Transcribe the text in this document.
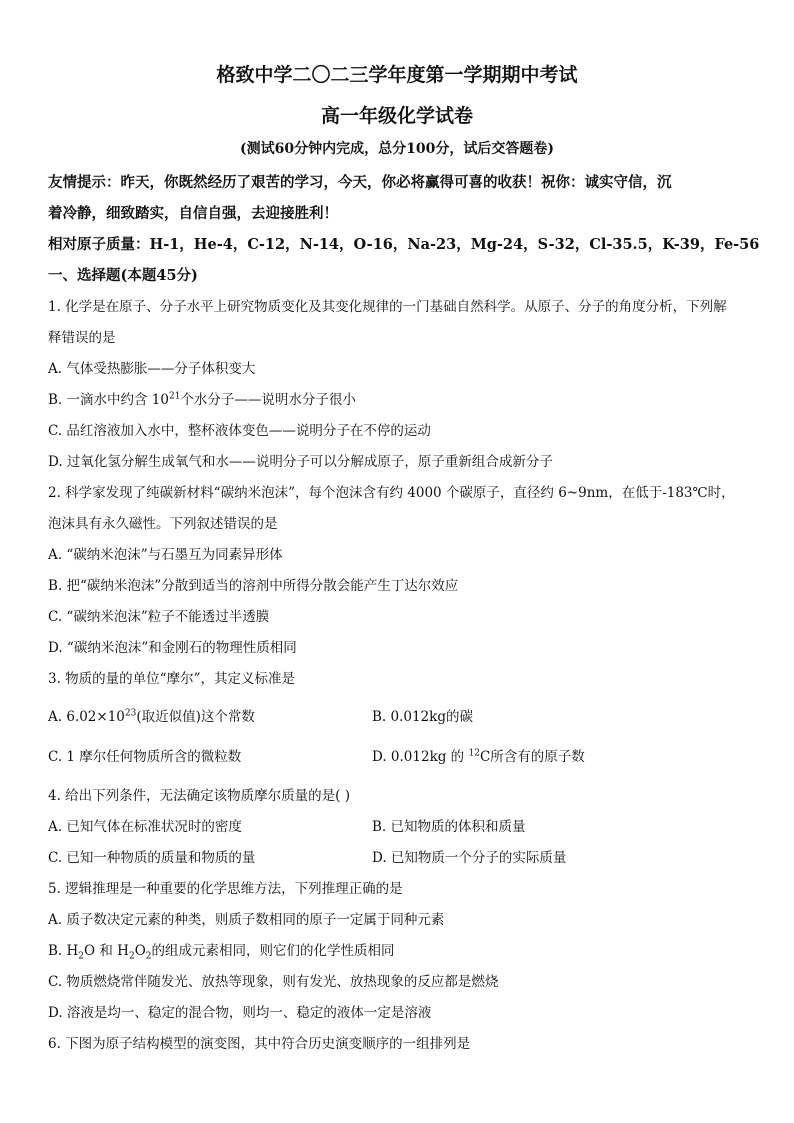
格致中学二〇二三学年度第一学期期中考试
高一年级化学试卷
(测试60分钟内完成，总分100分，试后交答题卷)
友情提示：昨天，你既然经历了艰苦的学习，今天，你必将赢得可喜的收获！祝你：诚实守信，沉
着冷静，细致踏实，自信自强，去迎接胜利！
相对原子质量：H-1，He-4，C-12，N-14，O-16，Na-23，Mg-24，S-32，Cl-35.5，K-39，Fe-56
一、选择题(本题45分)
1. 化学是在原子、分子水平上研究物质变化及其变化规律的一门基础自然科学。从原子、分子的角度分析，下列解
释错误的是
A. 气体受热膨胀——分子体积变大
B. 一滴水中约含 $10^{21}$个水分子——说明水分子很小
C. 品红溶液加入水中，整杯液体变色——说明分子在不停的运动
D. 过氧化氢分解生成氧气和水——说明分子可以分解成原子，原子重新组合成新分子
2. 科学家发现了纯碳新材料“碳纳米泡沫”，每个泡沫含有约 4000 个碳原子，直径约 6~9nm，在低于-183℃时，
泡沫具有永久磁性。下列叙述错误的是
A. “碳纳米泡沫”与石墨互为同素异形体
B. 把“碳纳米泡沫”分散到适当的溶剂中所得分散会能产生丁达尔效应
C. “碳纳米泡沫”粒子不能透过半透膜
D. “碳纳米泡沫”和金刚石的物理性质相同
3. 物质的量的单位“摩尔”，其定义标准是
A. $6.02\times 10^{23}$(取近似值)这个常数	B. 0.012kg的碳
C. 1 摩尔任何物质所含的微粒数	D. 0.012kg 的 $^{12}$C所含有的原子数
4. 给出下列条件，无法确定该物质摩尔质量的是( )
A. 已知气体在标准状况时的密度	B. 已知物质的体积和质量
C. 已知一种物质的质量和物质的量	D. 已知物质一个分子的实际质量
5. 逻辑推理是一种重要的化学思维方法，下列推理正确的是
A. 质子数决定元素的种类，则质子数相同的原子一定属于同种元素
B. $H_2O$ 和 $H_2O_2$的组成元素相同，则它们的化学性质相同
C. 物质燃烧常伴随发光、放热等现象，则有发光、放热现象的反应都是燃烧
D. 溶液是均一、稳定的混合物，则均一、稳定的液体一定是溶液
6. 下图为原子结构模型的演变图，其中符合历史演变顺序的一组排列是
